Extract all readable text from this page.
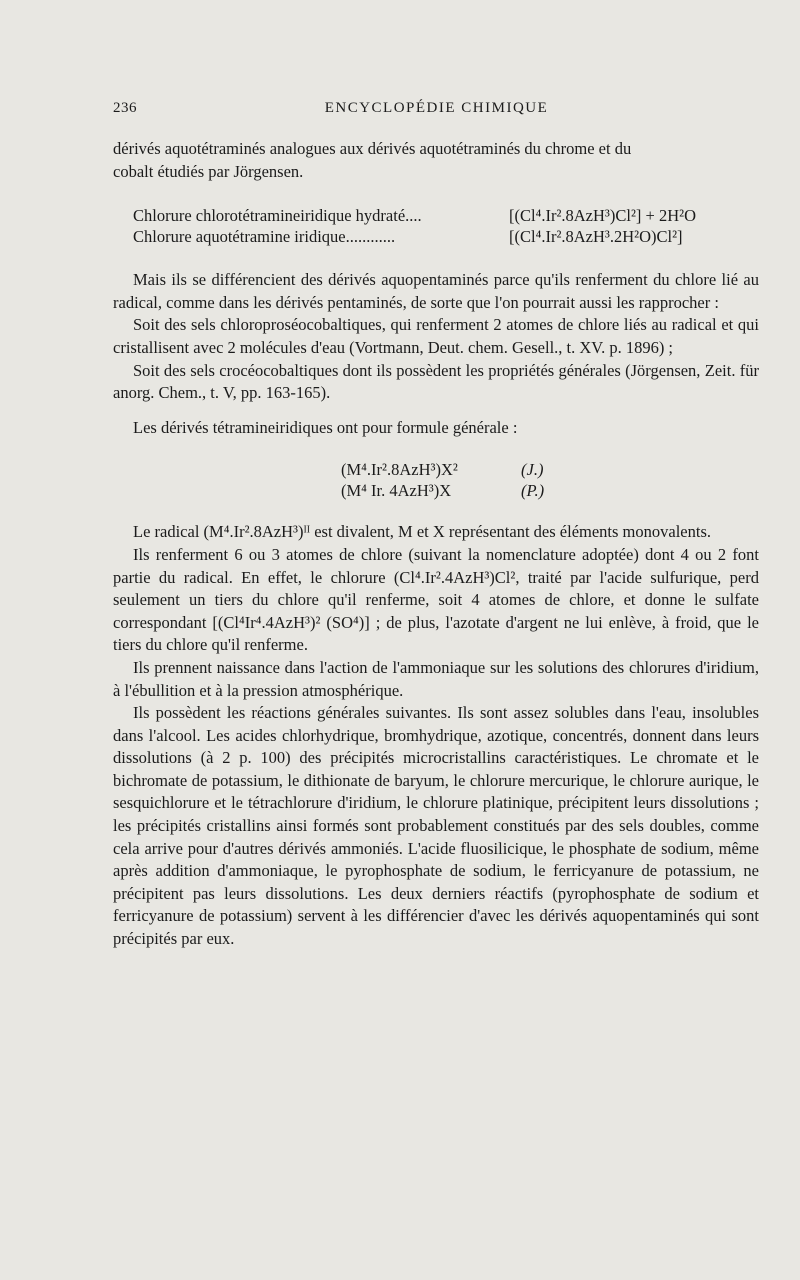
236	ENCYCLOPÉDIE CHIMIQUE

dérivés aquotétraminés analogues aux dérivés aquotétraminés du chrome et du
cobalt étudiés par Jörgensen.

Chlorure chlorotétramineiridique hydraté....	[(Cl⁴.Ir².8AzH³)Cl²] + 2H²O
Chlorure aquotétramine iridique............	[(Cl⁴.Ir².8AzH³.2H²O)Cl²]

Mais ils se différencient des dérivés aquopentaminés parce qu'ils renferment du chlore lié au radical, comme dans les dérivés pentaminés, de sorte que l'on pourrait aussi les rapprocher :

Soit des sels chloroproséocobaltiques, qui renferment 2 atomes de chlore liés au radical et qui cristallisent avec 2 molécules d'eau (Vortmann, Deut. chem. Gesell., t. XV. p. 1896) ;

Soit des sels crocéocobaltiques dont ils possèdent les propriétés générales (Jörgensen, Zeit. für anorg. Chem., t. V, pp. 163-165).

Les dérivés tétramineiridiques ont pour formule générale :

(M⁴.Ir².8AzH³)X²	(J.)
(M⁴ Ir. 4AzH³)X	(P.)

Le radical (M⁴.Ir².8AzH³)ᴵᴵ est divalent, M et X représentant des éléments monovalents.

Ils renferment 6 ou 3 atomes de chlore (suivant la nomenclature adoptée) dont 4 ou 2 font partie du radical. En effet, le chlorure (Cl⁴.Ir².4AzH³)Cl², traité par l'acide sulfurique, perd seulement un tiers du chlore qu'il renferme, soit 4 atomes de chlore, et donne le sulfate correspondant [(Cl⁴Ir⁴.4AzH³)² (SO⁴)] ; de plus, l'azotate d'argent ne lui enlève, à froid, que le tiers du chlore qu'il renferme.

Ils prennent naissance dans l'action de l'ammoniaque sur les solutions des chlorures d'iridium, à l'ébullition et à la pression atmosphérique.

Ils possèdent les réactions générales suivantes. Ils sont assez solubles dans l'eau, insolubles dans l'alcool. Les acides chlorhydrique, bromhydrique, azotique, concentrés, donnent dans leurs dissolutions (à 2 p. 100) des précipités microcristallins caractéristiques. Le chromate et le bichromate de potassium, le dithionate de baryum, le chlorure mercurique, le chlorure aurique, le sesquichlorure et le tétrachlorure d'iridium, le chlorure platinique, précipitent leurs dissolutions ; les précipités cristallins ainsi formés sont probablement constitués par des sels doubles, comme cela arrive pour d'autres dérivés ammoniés. L'acide fluosilicique, le phosphate de sodium, même après addition d'ammoniaque, le pyrophosphate de sodium, le ferricyanure de potassium, ne précipitent pas leurs dissolutions. Les deux derniers réactifs (pyrophosphate de sodium et ferricyanure de potassium) servent à les différencier d'avec les dérivés aquopentaminés qui sont précipités par eux.
